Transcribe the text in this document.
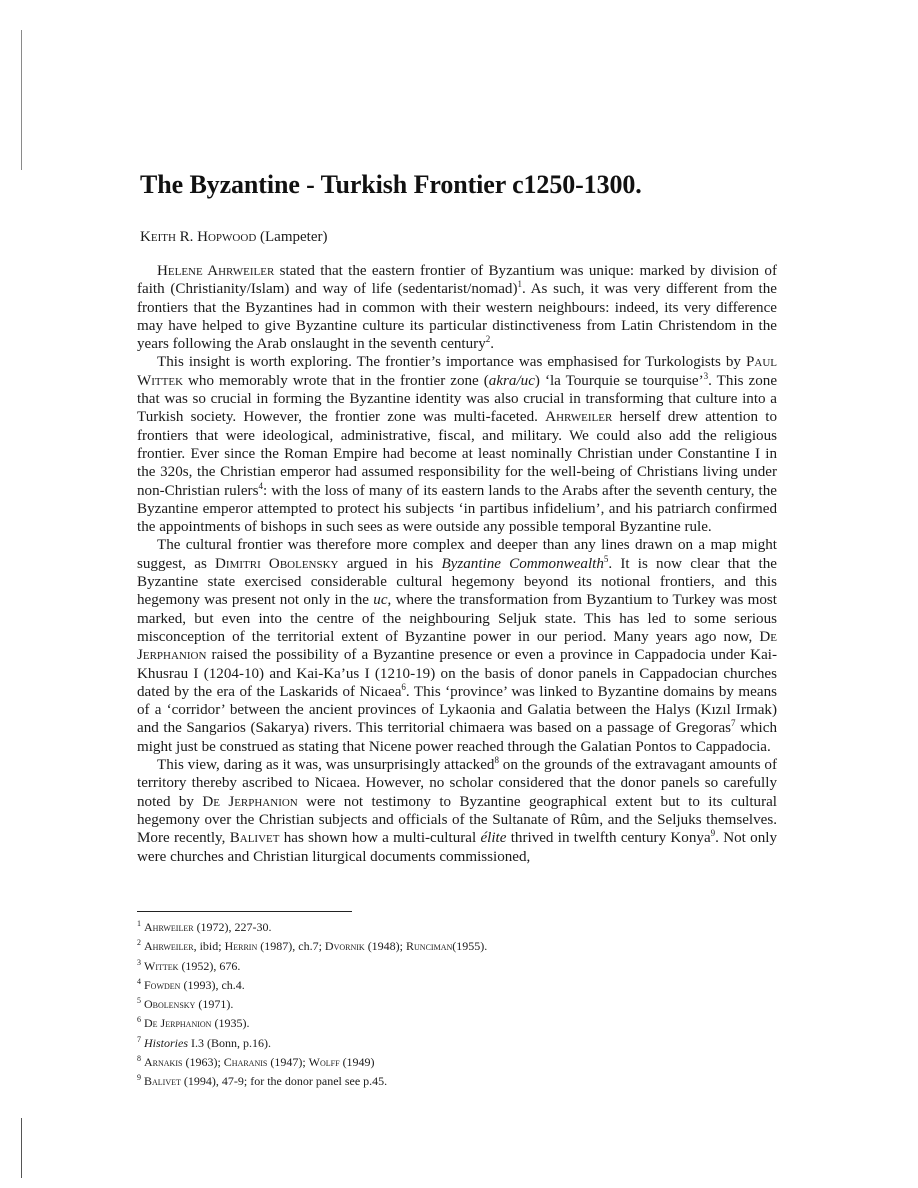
The Byzantine - Turkish Frontier c1250-1300.

Keith R. Hopwood (Lampeter)

Helene Ahrweiler stated that the eastern frontier of Byzantium was unique: marked by division of faith (Christianity/Islam) and way of life (sedentarist/nomad)$^1$. As such, it was very different from the frontiers that the Byzantines had in common with their western neighbours: indeed, its very difference may have helped to give Byzantine culture its particular distinctiveness from Latin Christendom in the years following the Arab onslaught in the seventh century$^2$.

This insight is worth exploring. The frontier’s importance was emphasised for Turkologists by Paul Wittek who memorably wrote that in the frontier zone (akra/uc) ‘la Tourquie se tourquise’$^3$. This zone that was so crucial in forming the Byzantine identity was also crucial in transforming that culture into a Turkish society. However, the frontier zone was multi-faceted. Ahrweiler herself drew attention to frontiers that were ideological, administrative, fiscal, and military. We could also add the religious frontier. Ever since the Roman Empire had become at least nominally Christian under Constantine I in the 320s, the Christian emperor had assumed responsibility for the well-being of Christians living under non-Christian rulers$^4$: with the loss of many of its eastern lands to the Arabs after the seventh century, the Byzantine emperor attempted to protect his subjects ‘in partibus infidelium’, and his patriarch confirmed the appointments of bishops in such sees as were outside any possible temporal Byzantine rule.

The cultural frontier was therefore more complex and deeper than any lines drawn on a map might suggest, as Dimitri Obolensky argued in his Byzantine Commonwealth$^5$. It is now clear that the Byzantine state exercised considerable cultural hegemony beyond its notional frontiers, and this hegemony was present not only in the uc, where the transformation from Byzantium to Turkey was most marked, but even into the centre of the neighbouring Seljuk state. This has led to some serious misconception of the territorial extent of Byzantine power in our period. Many years ago now, De Jerphanion raised the possibility of a Byzantine presence or even a province in Cappadocia under Kai-Khusrau I (1204-10) and Kai-Ka’us I (1210-19) on the basis of donor panels in Cappadocian churches dated by the era of the Laskarids of Nicaea$^6$. This ‘province’ was linked to Byzantine domains by means of a ‘corridor’ between the ancient provinces of Lykaonia and Galatia between the Halys (Kızıl Irmak) and the Sangarios (Sakarya) rivers. This territorial chimaera was based on a passage of Gregoras$^7$ which might just be construed as stating that Nicene power reached through the Galatian Pontos to Cappadocia.

This view, daring as it was, was unsurprisingly attacked$^8$ on the grounds of the extravagant amounts of territory thereby ascribed to Nicaea. However, no scholar considered that the donor panels so carefully noted by De Jerphanion were not testimony to Byzantine geographical extent but to its cultural hegemony over the Christian subjects and officials of the Sultanate of Rûm, and the Seljuks themselves. More recently, Balivet has shown how a multi-cultural élite thrived in twelfth century Konya$^9$. Not only were churches and Christian liturgical documents commissioned,

$^1$ Ahrweiler (1972), 227-30.
$^2$ Ahrweiler, ibid; Herrin (1987), ch.7; Dvornik (1948); Runciman(1955).
$^3$ Wittek (1952), 676.
$^4$ Fowden (1993), ch.4.
$^5$ Obolensky (1971).
$^6$ De Jerphanion (1935).
$^7$ Histories I.3 (Bonn, p.16).
$^8$ Arnakis (1963); Charanis (1947); Wolff (1949)
$^9$ Balivet (1994), 47-9; for the donor panel see p.45.
